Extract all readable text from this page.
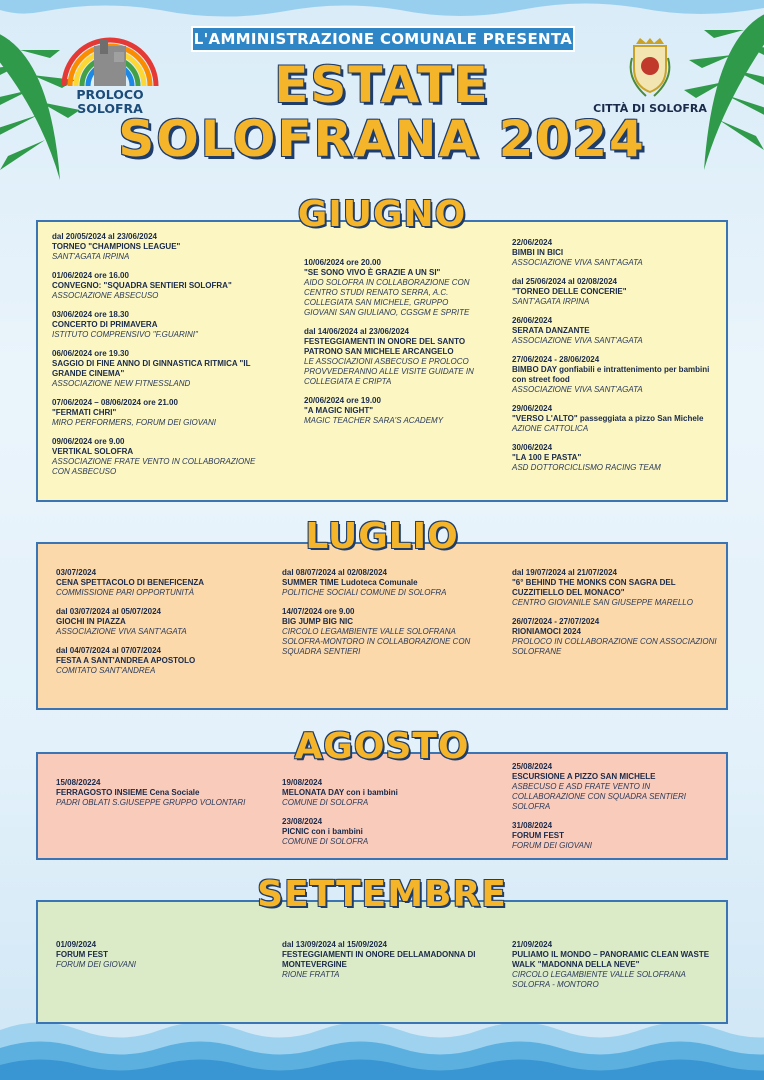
L'AMMINISTRAZIONE COMUNALE PRESENTA
PROLOCO
SOLOFRA	CITTÀ DI SOLOFRA
ESTATE
SOLOFRANA 2024
dal 20/05/2024 al 23/06/2024
TORNEO "CHAMPIONS LEAGUE"
SANT'AGATA IRPINA
01/06/2024 ore 16.00
CONVEGNO: "SQUADRA SENTIERI SOLOFRA"
ASSOCIAZIONE ABSECUSO
03/06/2024 ore 18.30
CONCERTO DI PRIMAVERA
ISTITUTO COMPRENSIVO "F.GUARINI"
06/06/2024 ore 19.30
SAGGIO DI FINE ANNO DI GINNASTICA RITMICA "IL GRANDE CINEMA"
ASSOCIAZIONE NEW FITNESSLAND
07/06/2024 – 08/06/2024 ore 21.00
"FERMATI CHRI"
MIRO PERFORMERS, FORUM DEI GIOVANI
09/06/2024 ore 9.00
VERTIKAL SOLOFRA
ASSOCIAZIONE FRATE VENTO IN COLLABORAZIONE CON ASBECUSO
10/06/2024 ore 20.00
"SE SONO VIVO È GRAZIE A UN SI"
AIDO SOLOFRA IN COLLABORAZIONE CON CENTRO STUDI RENATO SERRA, A.C. COLLEGIATA SAN MICHELE, GRUPPO GIOVANI SAN GIULIANO, CGSGM E SPRITE
dal 14/06/2024 al 23/06/2024
FESTEGGIAMENTI IN ONORE DEL SANTO PATRONO SAN MICHELE ARCANGELO
LE ASSOCIAZIONI ASBECUSO E PROLOCO PROVVEDERANNO ALLE VISITE GUIDATE IN COLLEGIATA E CRIPTA
20/06/2024 ore 19.00
"A MAGIC NIGHT"
MAGIC TEACHER SARA'S ACADEMY
22/06/2024
BIMBI IN BICI
ASSOCIAZIONE VIVA SANT'AGATA
dal 25/06/2024 al 02/08/2024
"TORNEO DELLE CONCERIE"
SANT'AGATA IRPINA
26/06/2024
SERATA DANZANTE
ASSOCIAZIONE VIVA SANT'AGATA
27/06/2024 - 28/06/2024
BIMBO DAY gonfiabili e intrattenimento per bambini con street food
ASSOCIAZIONE VIVA SANT'AGATA
29/06/2024
"VERSO L'ALTO" passeggiata a pizzo San Michele
AZIONE CATTOLICA
30/06/2024
"LA 100 E PASTA"
ASD DOTTORCICLISMO RACING TEAM
GIUGNO
03/07/2024
CENA SPETTACOLO DI BENEFICENZA
COMMISSIONE PARI OPPORTUNITÀ
dal 03/07/2024 al 05/07/2024
GIOCHI IN PIAZZA
ASSOCIAZIONE VIVA SANT'AGATA
dal 04/07/2024 al 07/07/2024
FESTA A SANT'ANDREA APOSTOLO
COMITATO SANT'ANDREA
dal 08/07/2024 al 02/08/2024
SUMMER TIME Ludoteca Comunale
POLITICHE SOCIALI COMUNE DI SOLOFRA
14/07/2024 ore 9.00
BIG JUMP BIG NIC
CIRCOLO LEGAMBIENTE VALLE SOLOFRANA SOLOFRA-MONTORO IN COLLABORAZIONE CON SQUADRA SENTIERI
dal 19/07/2024 al 21/07/2024
"6° BEHIND THE MONKS CON SAGRA DEL CUZZITIELLO DEL MONACO"
CENTRO GIOVANILE SAN GIUSEPPE MARELLO
26/07/2024 - 27/07/2024
RIONIAMOCI 2024
PROLOCO IN COLLABORAZIONE CON ASSOCIAZIONI SOLOFRANE
LUGLIO
15/08/20224
FERRAGOSTO INSIEME Cena Sociale
PADRI OBLATI S.GIUSEPPE GRUPPO VOLONTARI
19/08/2024
MELONATA DAY con i bambini
COMUNE DI SOLOFRA
23/08/2024
PICNIC con i bambini
COMUNE DI SOLOFRA
25/08/2024
ESCURSIONE A PIZZO SAN MICHELE
ASBECUSO E ASD FRATE VENTO IN COLLABORAZIONE CON SQUADRA SENTIERI SOLOFRA
31/08/2024
FORUM FEST
FORUM DEI GIOVANI
AGOSTO
01/09/2024
FORUM FEST
FORUM DEI GIOVANI
dal 13/09/2024 al 15/09/2024
FESTEGGIAMENTI IN ONORE DELLAMADONNA DI MONTEVERGINE
RIONE FRATTA
21/09/2024
PULIAMO IL MONDO – PANORAMIC CLEAN WASTE WALK "MADONNA DELLA NEVE"
CIRCOLO LEGAMBIENTE VALLE SOLOFRANA SOLOFRA - MONTORO
SETTEMBRE
